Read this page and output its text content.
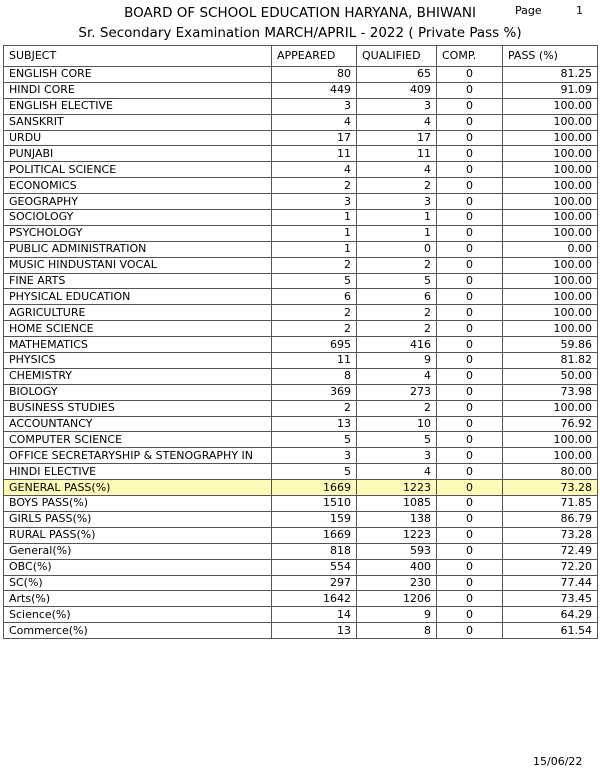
BOARD OF SCHOOL EDUCATION HARYANA, BHIWANI	Page	1
Sr. Secondary Examination MARCH/APRIL - 2022 ( Private Pass %)
SUBJECT	APPEARED	QUALIFIED	COMP.	PASS (%)
ENGLISH CORE	80	65	0	81.25
HINDI CORE	449	409	0	91.09
ENGLISH ELECTIVE	3	3	0	100.00
SANSKRIT	4	4	0	100.00
URDU	17	17	0	100.00
PUNJABI	11	11	0	100.00
POLITICAL SCIENCE	4	4	0	100.00
ECONOMICS	2	2	0	100.00
GEOGRAPHY	3	3	0	100.00
SOCIOLOGY	1	1	0	100.00
PSYCHOLOGY	1	1	0	100.00
PUBLIC ADMINISTRATION	1	0	0	0.00
MUSIC HINDUSTANI VOCAL	2	2	0	100.00
FINE ARTS	5	5	0	100.00
PHYSICAL EDUCATION	6	6	0	100.00
AGRICULTURE	2	2	0	100.00
HOME SCIENCE	2	2	0	100.00
MATHEMATICS	695	416	0	59.86
PHYSICS	11	9	0	81.82
CHEMISTRY	8	4	0	50.00
BIOLOGY	369	273	0	73.98
BUSINESS STUDIES	2	2	0	100.00
ACCOUNTANCY	13	10	0	76.92
COMPUTER SCIENCE	5	5	0	100.00
OFFICE SECRETARYSHIP & STENOGRAPHY IN	3	3	0	100.00
HINDI ELECTIVE	5	4	0	80.00
GENERAL PASS(%)	1669	1223	0	73.28
BOYS PASS(%)	1510	1085	0	71.85
GIRLS PASS(%)	159	138	0	86.79
RURAL PASS(%)	1669	1223	0	73.28
General(%)	818	593	0	72.49
OBC(%)	554	400	0	72.20
SC(%)	297	230	0	77.44
Arts(%)	1642	1206	0	73.45
Science(%)	14	9	0	64.29
Commerce(%)	13	8	0	61.54
15/06/22
